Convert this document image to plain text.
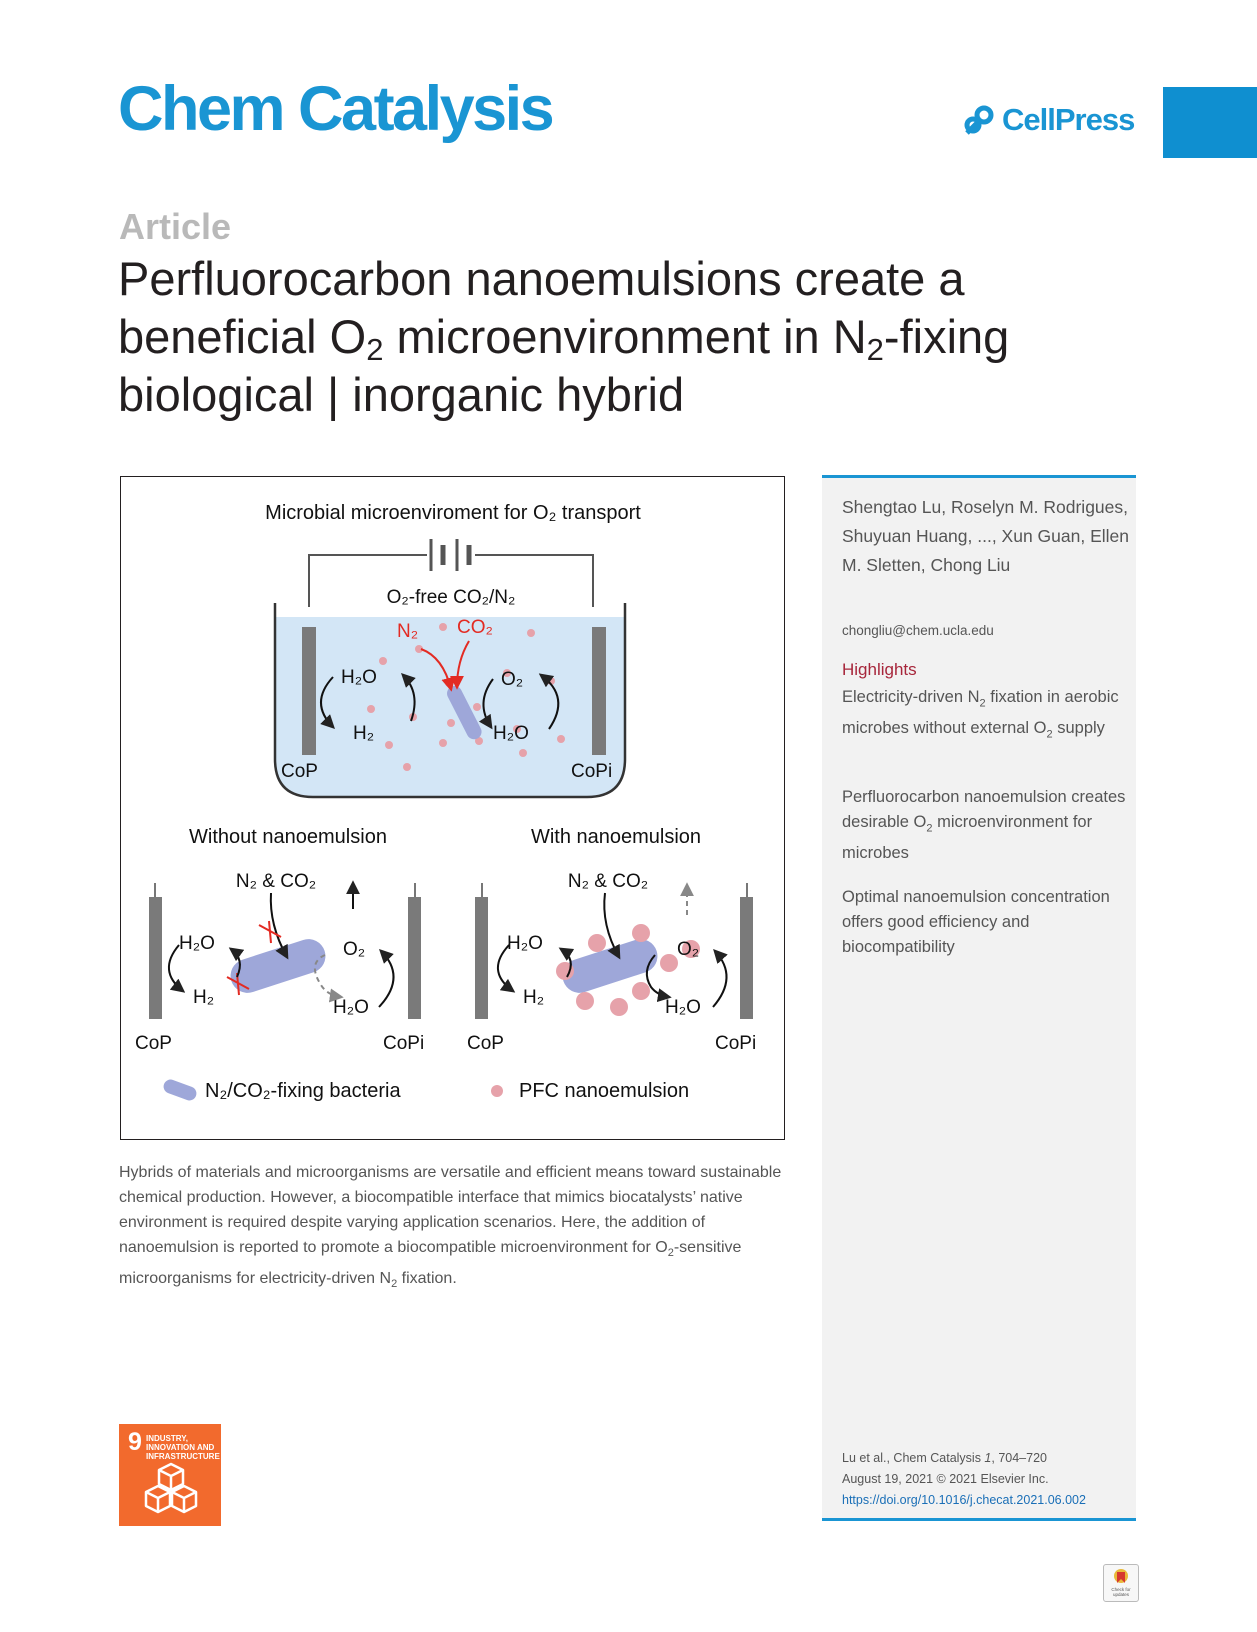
Chem Catalysis	CellPress
Article
Perfluorocarbon nanoemulsions create a beneficial $O_2$ microenvironment in $N_2$-fixing biological | inorganic hybrid
Microbial microenviroment for O₂ transport
O₂-free CO₂/N₂
N₂ CO₂
H₂O
H₂
O₂
H₂O
CoP	CoPi
Without nanoemulsion	With nanoemulsion
N₂ & CO₂
H₂O
H₂
O₂
H₂O
CoP	CoPi
N₂ & CO₂
H₂O
H₂
O₂
H₂O
CoP	CoPi
N₂/CO₂-fixing bacteria	PFC nanoemulsion
Hybrids of materials and microorganisms are versatile and efficient means toward sustainable chemical production. However, a biocompatible interface that mimics biocatalysts’ native environment is required despite varying application scenarios. Here, the addition of nanoemulsion is reported to promote a biocompatible microenvironment for $O_2$-sensitive microorganisms for electricity-driven $N_2$ fixation.
Shengtao Lu, Roselyn M. Rodrigues, Shuyuan Huang, ..., Xun Guan, Ellen M. Sletten, Chong Liu
chongliu@chem.ucla.edu
Highlights
Electricity-driven $N_2$ fixation in aerobic microbes without external $O_2$ supply
Perfluorocarbon nanoemulsion creates desirable $O_2$ microenvironment for microbes
Optimal nanoemulsion concentration offers good efficiency and biocompatibility
Lu et al., Chem Catalysis 1, 704–720
August 19, 2021 © 2021 Elsevier Inc.
https://doi.org/10.1016/j.checat.2021.06.002
9 INDUSTRY, INNOVATION AND INFRASTRUCTURE
Check for updates
